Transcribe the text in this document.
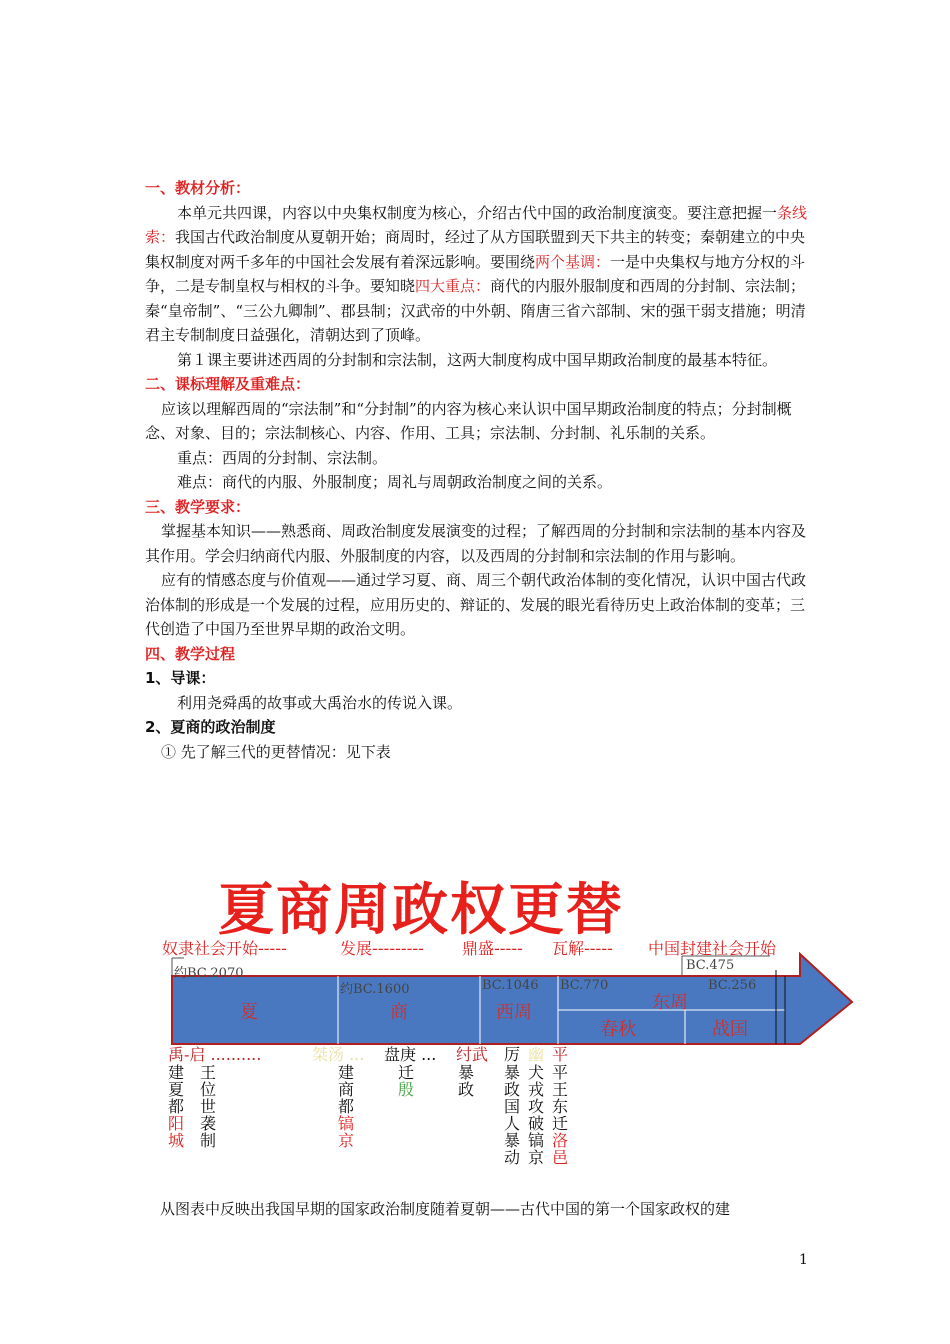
一、教材分析：

本单元共四课，内容以中央集权制度为核心，介绍古代中国的政治制度演变。要注意把握一条线索：我国古代政治制度从夏朝开始；商周时，经过了从方国联盟到天下共主的转变；秦朝建立的中央集权制度对两千多年的中国社会发展有着深远影响。要围绕两个基调：一是中央集权与地方分权的斗争，二是专制皇权与相权的斗争。要知晓四大重点：商代的内服外服制度和西周的分封制、宗法制；秦“皇帝制”、“三公九卿制”、郡县制；汉武帝的中外朝、隋唐三省六部制、宋的强干弱支措施；明清君主专制制度日益强化，清朝达到了顶峰。

第１课主要讲述西周的分封制和宗法制，这两大制度构成中国早期政治制度的最基本特征。

二、课标理解及重难点：

应该以理解西周的“宗法制”和“分封制”的内容为核心来认识中国早期政治制度的特点；分封制概念、对象、目的；宗法制核心、内容、作用、工具；宗法制、分封制、礼乐制的关系。

重点：西周的分封制、宗法制。

难点：商代的内服、外服制度；周礼与周朝政治制度之间的关系。

三、教学要求：

掌握基本知识——熟悉商、周政治制度发展演变的过程；了解西周的分封制和宗法制的基本内容及其作用。学会归纳商代内服、外服制度的内容，以及西周的分封制和宗法制的作用与影响。

应有的情感态度与价值观——通过学习夏、商、周三个朝代政治体制的变化情况，认识中国古代政治体制的形成是一个发展的过程，应用历史的、辩证的、发展的眼光看待历史上政治体制的变革；三代创造了中国乃至世界早期的政治文明。

四、教学过程

1、导课：

利用尧舜禹的故事或大禹治水的传说入课。

2、夏商的政治制度

① 先了解三代的更替情况：见下表

夏商周政权更替
奴隶社会开始-----	发展--------- 鼎盛----- 瓦解----- 中国封建社会开始
约BC.2070
约BC.1600	BC.1046 BC.770
BC.475
BC.256
夏	商	西周	东周
春秋	战国
禹-启 ..........	桀汤 ... 盘庚 ... 纣武 厉 幽 平
建夏都
阳城
王位世袭制
建商都
镐京
迁
殷
暴政
暴政国人暴动
犬戎攻破镐京
平王东迁
洛邑
从图表中反映出我国早期的国家政治制度随着夏朝——古代中国的第一个国家政权的建
1
